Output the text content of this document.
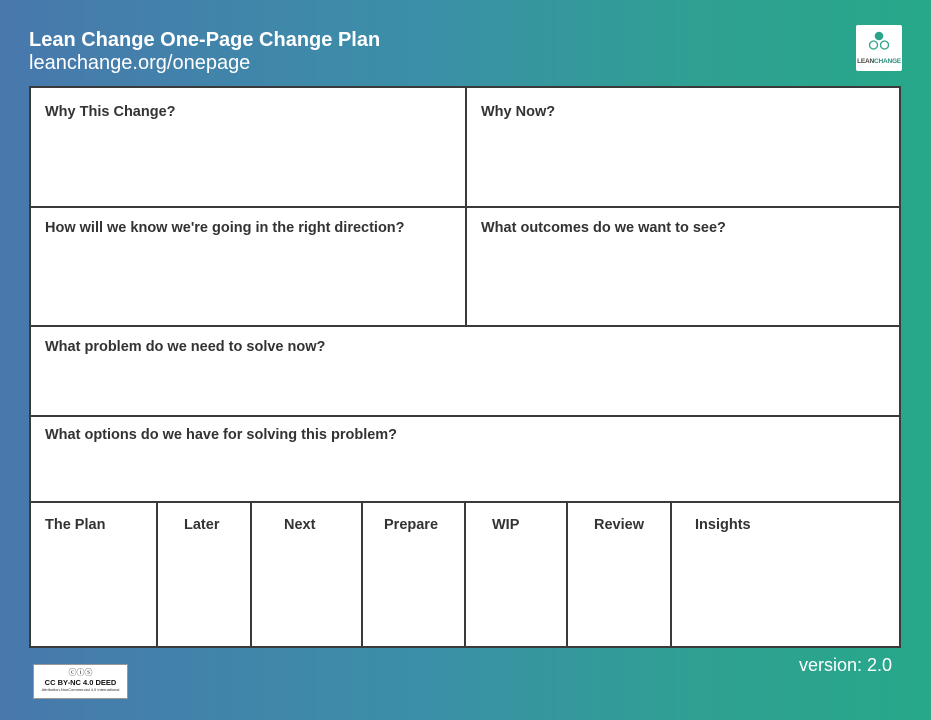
Lean Change One-Page Change Plan
leanchange.org/onepage	LEANCHANGE
Why This Change?	Why Now?
How will we know we're going in the right direction?	What outcomes do we want to see?
What problem do we need to solve now?
What options do we have for solving this problem?
The Plan	Later	Next	Prepare	WIP	Review	Insights
ⓒⓘⓢ
CC BY-NC 4.0 DEED
Attribution-NonCommercial 4.0 International
version: 2.0
